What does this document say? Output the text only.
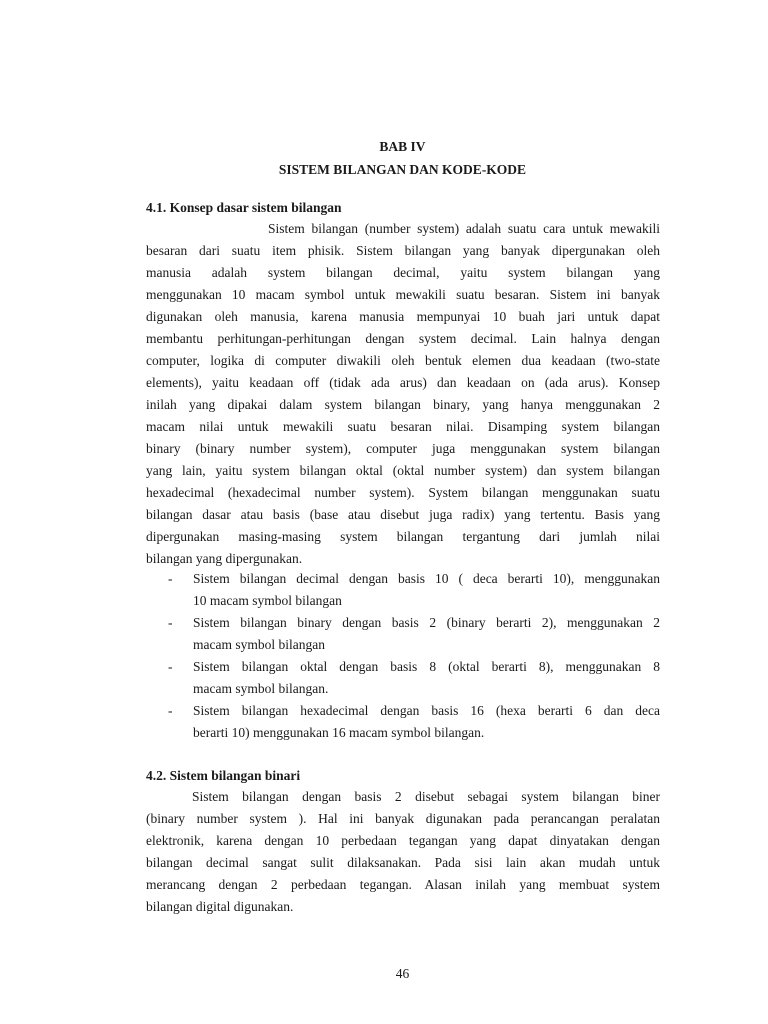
BAB IV
SISTEM BILANGAN DAN KODE-KODE
4.1. Konsep dasar sistem bilangan
Sistem bilangan (number system) adalah suatu cara untuk mewakili
besaran dari suatu item phisik. Sistem bilangan yang banyak dipergunakan oleh
manusia adalah system bilangan decimal, yaitu system bilangan yang
menggunakan 10 macam symbol untuk mewakili suatu besaran. Sistem ini banyak
digunakan oleh manusia, karena manusia mempunyai 10 buah jari untuk dapat
membantu perhitungan-perhitungan dengan system decimal. Lain halnya dengan
computer, logika di computer diwakili oleh bentuk elemen dua keadaan (two-state
elements), yaitu keadaan off (tidak ada arus) dan keadaan on (ada arus). Konsep
inilah yang dipakai dalam system bilangan binary, yang hanya menggunakan 2
macam nilai untuk mewakili suatu besaran nilai. Disamping system bilangan
binary (binary number system), computer juga menggunakan system bilangan
yang lain, yaitu system bilangan oktal (oktal number system) dan system bilangan
hexadecimal (hexadecimal number system). System bilangan menggunakan suatu
bilangan dasar atau basis (base atau disebut juga radix) yang tertentu. Basis yang
dipergunakan masing-masing system bilangan tergantung dari jumlah nilai
bilangan yang dipergunakan.
- Sistem bilangan decimal dengan basis 10 ( deca berarti 10), menggunakan
10 macam symbol bilangan
- Sistem bilangan binary dengan basis 2 (binary berarti 2), menggunakan 2
macam symbol bilangan
- Sistem bilangan oktal dengan basis 8 (oktal berarti 8), menggunakan 8
macam symbol bilangan.
- Sistem bilangan hexadecimal dengan basis 16 (hexa berarti 6 dan deca
berarti 10) menggunakan 16 macam symbol bilangan.
4.2. Sistem bilangan binari
Sistem bilangan dengan basis 2 disebut sebagai system bilangan biner
(binary number system ). Hal ini banyak digunakan pada perancangan peralatan
elektronik, karena dengan 10 perbedaan tegangan yang dapat dinyatakan dengan
bilangan decimal sangat sulit dilaksanakan. Pada sisi lain akan mudah untuk
merancang dengan 2 perbedaan tegangan. Alasan inilah yang membuat system
bilangan digital digunakan.
46
